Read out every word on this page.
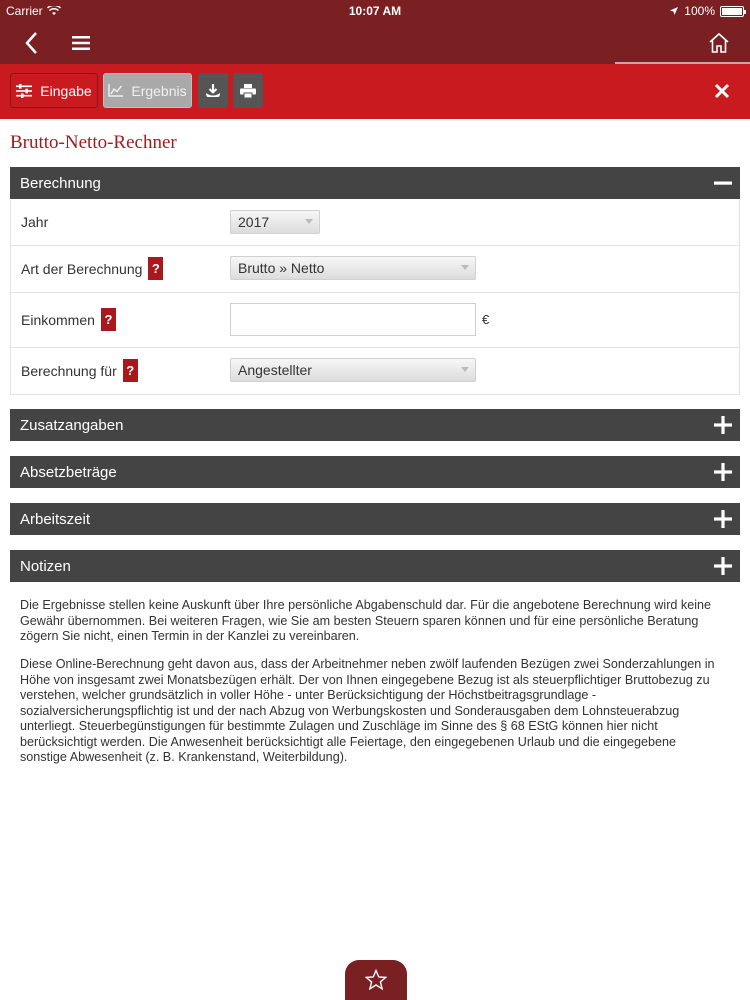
Carrier	10:07 AM	100%
Eingabe	Ergebnis
Brutto-Netto-Rechner
Berechnung
Jahr	2017
Art der Berechnung ?	Brutto » Netto
Einkommen ?	€
Berechnung für ?	Angestellter
Zusatzangaben
Absetzbeträge
Arbeitszeit
Notizen

Die Ergebnisse stellen keine Auskunft über Ihre persönliche Abgabenschuld dar. Für die angebotene Berechnung wird keine Gewähr übernommen. Bei weiteren Fragen, wie Sie am besten Steuern sparen können und für eine persönliche Beratung zögern Sie nicht, einen Termin in der Kanzlei zu vereinbaren.

Diese Online-Berechnung geht davon aus, dass der Arbeitnehmer neben zwölf laufenden Bezügen zwei Sonderzahlungen in Höhe von insgesamt zwei Monatsbezügen erhält. Der von Ihnen eingegebene Bezug ist als steuerpflichtiger Bruttobezug zu verstehen, welcher grundsätzlich in voller Höhe - unter Berücksichtigung der Höchstbeitragsgrundlage - sozialversicherungspflichtig ist und der nach Abzug von Werbungskosten und Sonderausgaben dem Lohnsteuerabzug unterliegt. Steuerbegünstigungen für bestimmte Zulagen und Zuschläge im Sinne des § 68 EStG können hier nicht berücksichtigt werden. Die Anwesenheit berücksichtigt alle Feiertage, den eingegebenen Urlaub und die eingegebene sonstige Abwesenheit (z. B. Krankenstand, Weiterbildung).
